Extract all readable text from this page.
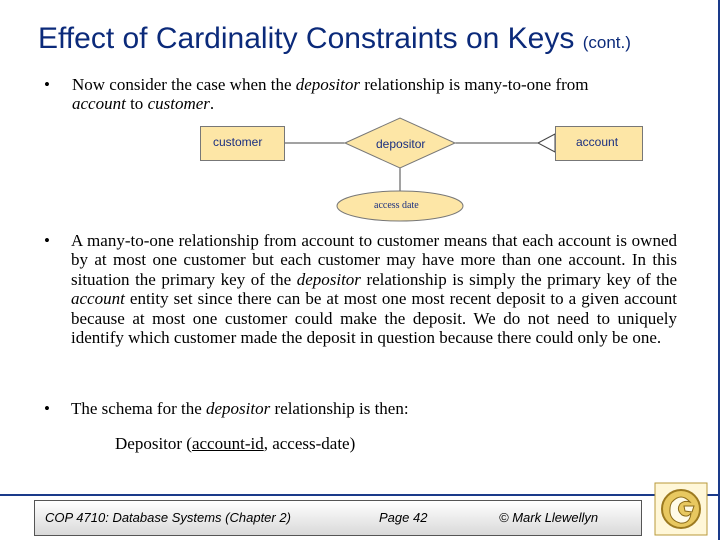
Effect of Cardinality Constraints on Keys (cont.)
• Now consider the case when the depositor relationship is many-to-one from
account to customer.
customer	account
depositor
access date
• A many-to-one relationship from account to customer means that each account is owned by at most one customer but each customer may have more than one account. In this situation the primary key of the depositor relationship is simply the primary key of the account entity set since there can be at most one most recent deposit to a given account because at most one customer could make the deposit. We do not need to uniquely identify which customer made the deposit in question because there could only be one.
• The schema for the depositor relationship is then:
Depositor (account-id, access-date)
COP 4710: Database Systems (Chapter 2)	Page 42	© Mark Llewellyn
